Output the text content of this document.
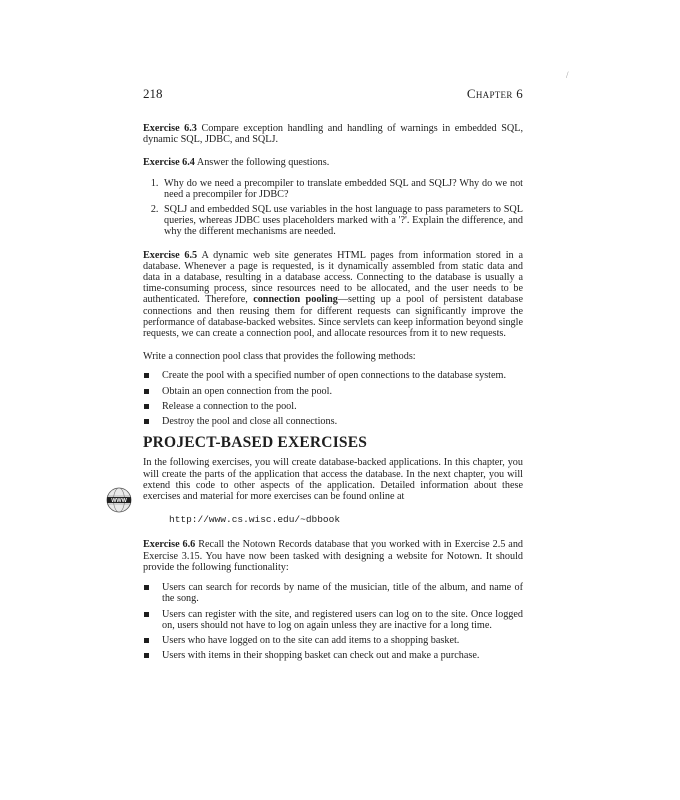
218	Chapter 6
/

Exercise 6.3 Compare exception handling and handling of warnings in embedded SQL, dynamic SQL, JDBC, and SQLJ.

Exercise 6.4 Answer the following questions.

1. Why do we need a precompiler to translate embedded SQL and SQLJ? Why do we not need a precompiler for JDBC?
2. SQLJ and embedded SQL use variables in the host language to pass parameters to SQL queries, whereas JDBC uses placeholders marked with a '?'. Explain the difference, and why the different mechanisms are needed.

Exercise 6.5 A dynamic web site generates HTML pages from information stored in a database. Whenever a page is requested, is it dynamically assembled from static data and data in a database, resulting in a database access. Connecting to the database is usually a time-consuming process, since resources need to be allocated, and the user needs to be authenticated. Therefore, connection pooling—setting up a pool of persistent database connections and then reusing them for different requests can significantly improve the performance of database-backed websites. Since servlets can keep information beyond single requests, we can create a connection pool, and allocate resources from it to new requests.

Write a connection pool class that provides the following methods:

Create the pool with a specified number of open connections to the database system.
Obtain an open connection from the pool.
Release a connection to the pool.
Destroy the pool and close all connections.
PROJECT-BASED EXERCISES

In the following exercises, you will create database-backed applications. In this chapter, you will create the parts of the application that access the database. In the next chapter, you will extend this code to other aspects of the application. Detailed information about these exercises and material for more exercises can be found online at

http://www.cs.wisc.edu/~dbbook

Exercise 6.6 Recall the Notown Records database that you worked with in Exercise 2.5 and Exercise 3.15. You have now been tasked with designing a website for Notown. It should provide the following functionality:

Users can search for records by name of the musician, title of the album, and name of the song.
Users can register with the site, and registered users can log on to the site. Once logged on, users should not have to log on again unless they are inactive for a long time.
Users who have logged on to the site can add items to a shopping basket.
Users with items in their shopping basket can check out and make a purchase.
WWW
